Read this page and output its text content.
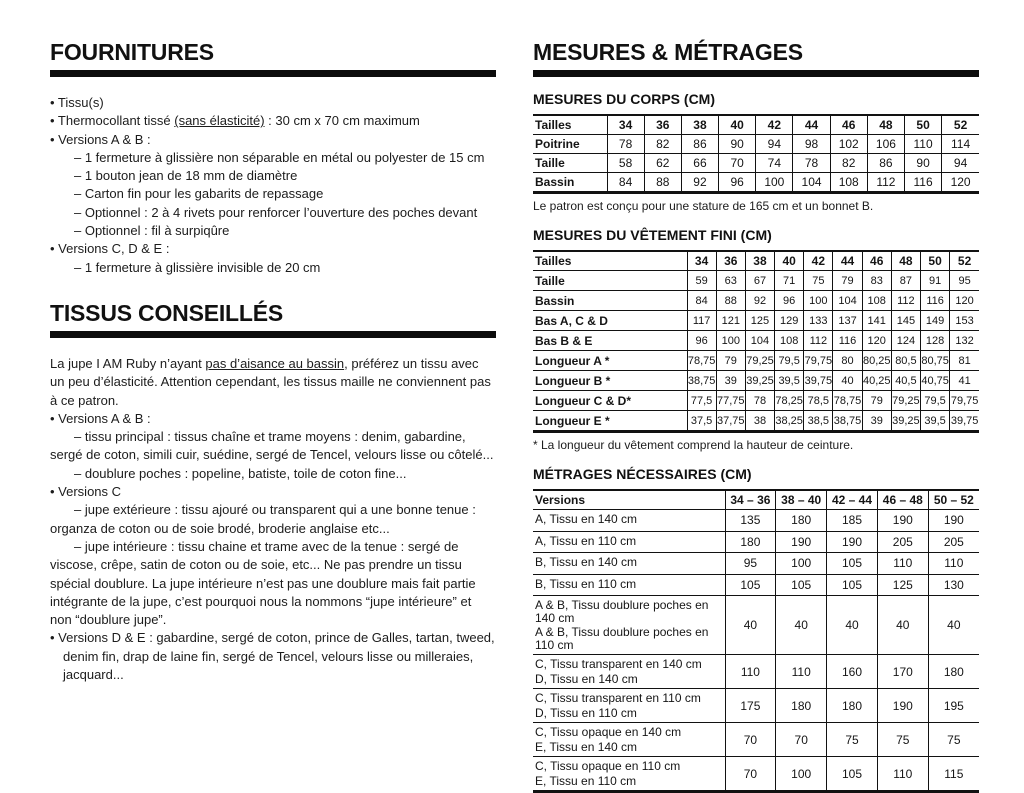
FOURNITURES

• Tissu(s)

• Thermocollant tissé (sans élasticité) : 30 cm x 70 cm maximum

• Versions A & B :

– 1 fermeture à glissière non séparable en métal ou polyester de 15 cm

– 1 bouton jean de 18 mm de diamètre

– Carton fin pour les gabarits de repassage

– Optionnel : 2 à 4 rivets pour renforcer l’ouverture des poches devant

– Optionnel : fil à surpiqûre

• Versions C, D & E :

– 1 fermeture à glissière invisible de 20 cm

TISSUS CONSEILLÉS

La jupe I AM Ruby n’ayant pas d’aisance au bassin, préférez un tissu avec un peu d’élasticité. Attention cependant, les tissus maille ne conviennent pas à ce patron.

• Versions A & B :

– tissu principal : tissus chaîne et trame moyens : denim, gabardine, sergé de coton, simili cuir, suédine, sergé de Tencel, velours lisse ou côtelé...

– doublure poches : popeline, batiste, toile de coton fine...

• Versions C

– jupe extérieure : tissu ajouré ou transparent qui a une bonne tenue : organza de coton ou de soie brodé, broderie anglaise etc...

– jupe intérieure : tissu chaine et trame avec de la tenue : sergé de viscose, crêpe, satin de coton ou de soie, etc... Ne pas prendre un tissu spécial doublure. La jupe intérieure n’est pas une doublure mais fait partie intégrante de la jupe, c’est pourquoi nous la nommons “jupe intérieure” et non “doublure jupe”.

• Versions D & E : gabardine, sergé de coton, prince de Galles, tartan, tweed, denim fin, drap de laine fin, sergé de Tencel, velours lisse ou milleraies, jacquard...

MESURES & MÉTRAGES
MESURES DU CORPS (CM)
Tailles	34	36	38	40	42	44	46	48	50	52
Poitrine	78	82	86	90	94	98	102	106	110	114
Taille	58	62	66	70	74	78	82	86	90	94
Bassin	84	88	92	96	100	104	108	112	116	120

Le patron est conçu pour une stature de 165 cm et un bonnet B.

MESURES DU VÊTEMENT FINI (CM)
Tailles	34	36	38	40	42	44	46	48	50	52
Taille	59	63	67	71	75	79	83	87	91	95
Bassin	84	88	92	96	100	104	108	112	116	120
Bas A, C & D	117	121	125	129	133	137	141	145	149	153
Bas B & E	96	100	104	108	112	116	120	124	128	132
Longueur A *	78,75	79	79,25	79,5	79,75	80	80,25	80,5	80,75	81
Longueur B *	38,75	39	39,25	39,5	39,75	40	40,25	40,5	40,75	41
Longueur C & D*	77,5	77,75	78	78,25	78,5	78,75	79	79,25	79,5	79,75
Longueur E *	37,5	37,75	38	38,25	38,5	38,75	39	39,25	39,5	39,75

* La longueur du vêtement comprend la hauteur de ceinture.

MÉTRAGES NÉCESSAIRES (CM)
Versions	34 – 36	38 – 40	42 – 44	46 – 48	50 – 52

A, Tissu en 140 cm	135	180	185	190	190

A, Tissu en 110 cm	180	190	190	205	205

B, Tissu en 140 cm	95	100	105	110	110

B, Tissu en 110 cm	105	105	105	125	130

A & B, Tissu doublure poches en 140 cm
A & B, Tissu doublure poches en 110 cm	40	40	40	40	40

C, Tissu transparent en 140 cm
D, Tissu en 140 cm	110	110	160	170	180

C, Tissu transparent en 110 cm
D, Tissu en 110 cm	175	180	180	190	195

C, Tissu opaque en 140 cm
E, Tissu en 140 cm	70	70	75	75	75

C, Tissu opaque en 110 cm
E, Tissu en 110 cm	70	100	105	110	115
